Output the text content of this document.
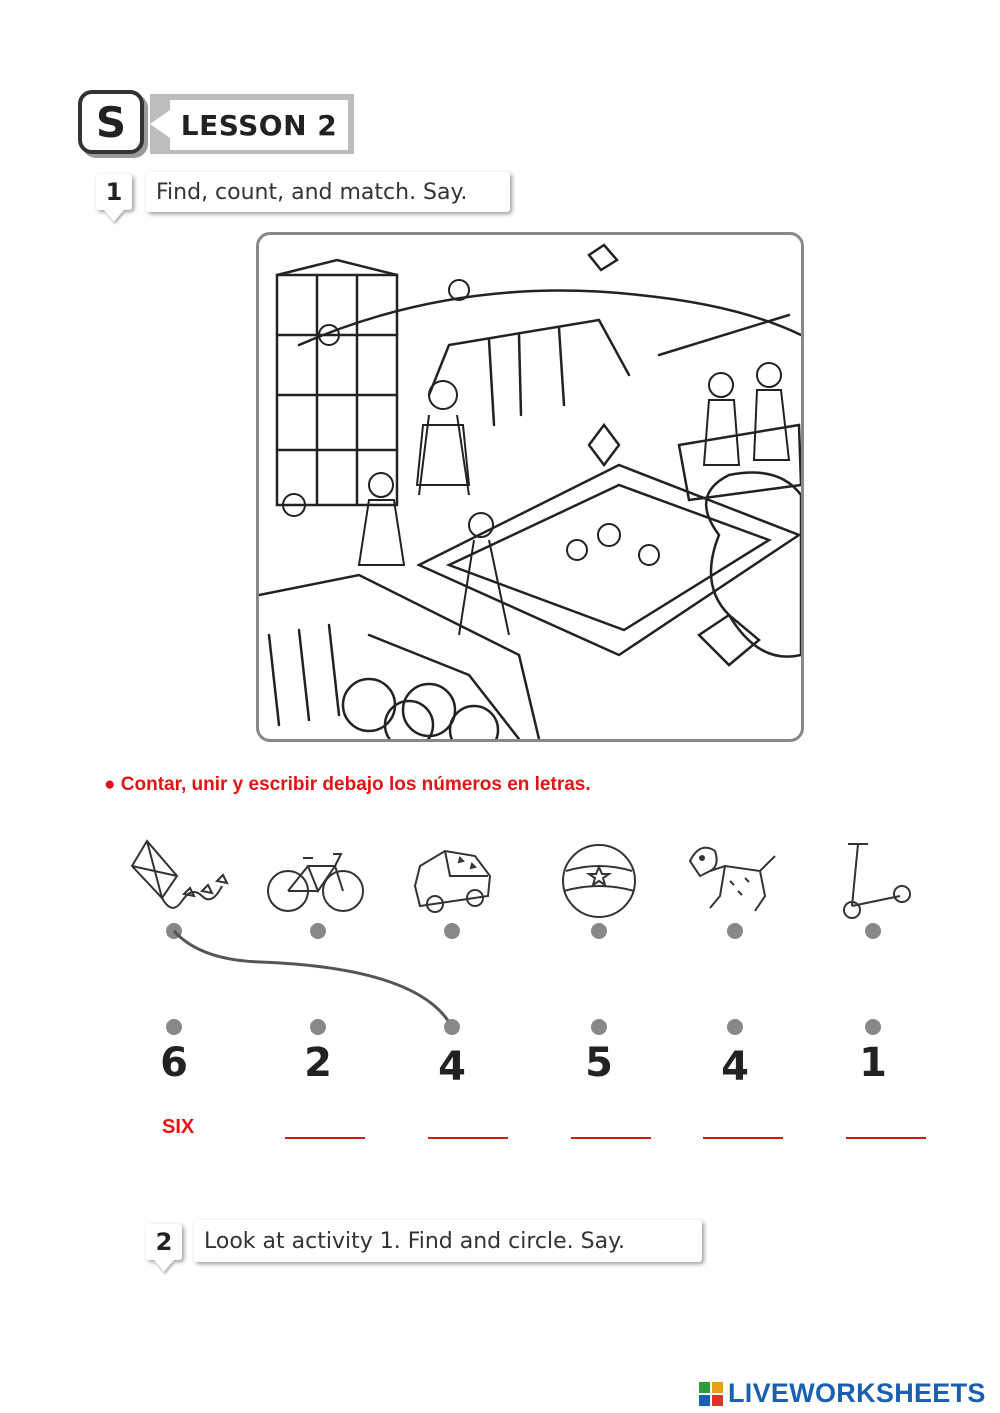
LESSON 2
S
1	Find, count, and match. Say.
● Contar, unir y escribir debajo los números en letras.
6	2	4	5	4	1
SIX
2	Look at activity 1. Find and circle. Say.
LIVEWORKSHEETS
